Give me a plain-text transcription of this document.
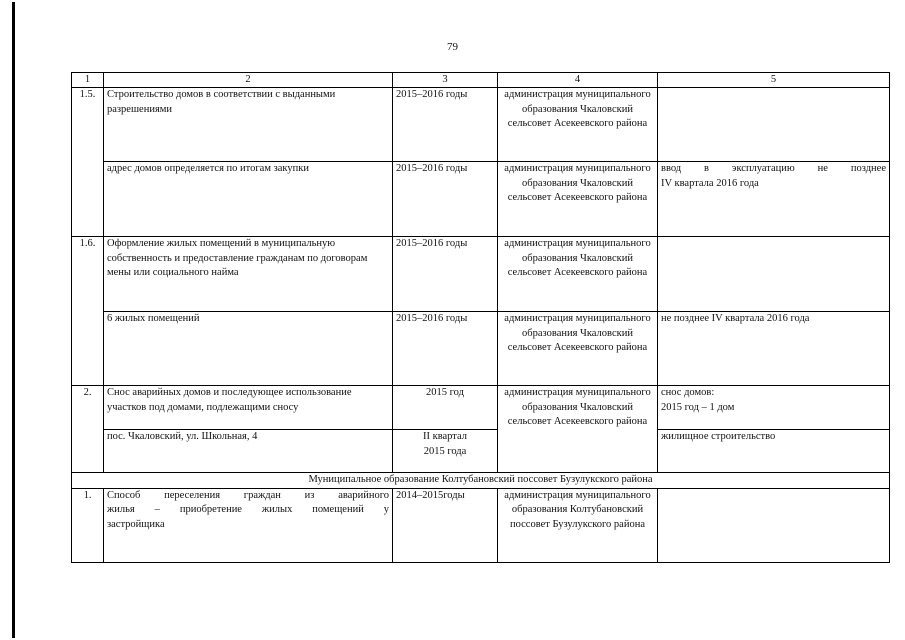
79
1	2	3	4	5
1.5.	Строительство домов в соответствии с выданными разрешениями	2015–2016 годы	администрация муниципального образования Чкаловский сельсовет Асекеевского района	
	адрес домов определяется по итогам закупки	2015–2016 годы	администрация муниципального образования Чкаловский сельсовет Асекеевского района	ввод в эксплуатацию не позднее
IV квартала 2016 года

1.6.	Оформление жилых помещений в муниципальную собственность и предоставление гражданам по договорам мены или социального найма	2015–2016 годы	администрация муниципального образования Чкаловский сельсовет Асекеевского района	
	6 жилых помещений	2015–2016 годы	администрация муниципального образования Чкаловский сельсовет Асекеевского района	не позднее IV квартала 2016 года
2.	Снос аварийных домов и последующее использование участков под домами, подлежащими сносу	2015 год	администрация муниципального образования Чкаловский сельсовет Асекеевского района	снос домов:
2015 год – 1 дом

	пос. Чкаловский, ул. Школьная, 4	II квартал
2015 года		жилищное строительство
Муниципальное образование Колтубановский поссовет Бузулукского района				
1.	Способ переселения граждан из аварийного
жилья – приобретение жилых помещений у
застройщика	2014–2015годы	администрация муниципального образования Колтубановский поссовет Бузулукского района	
